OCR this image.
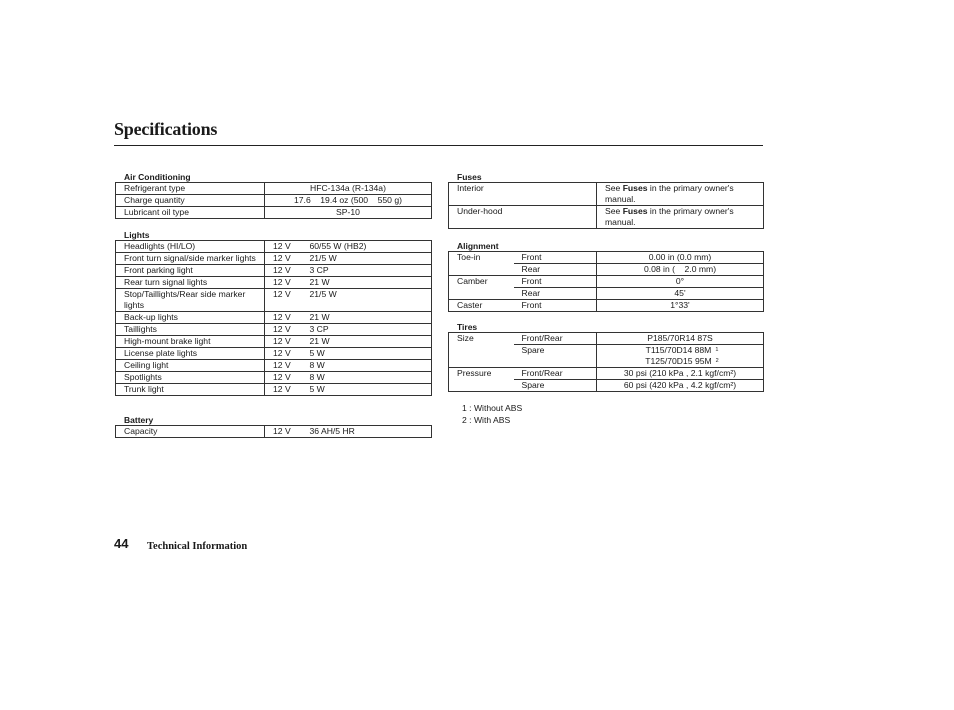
Specifications
Air Conditioning
Refrigerant type	HFC-134a (R-134a)
Charge quantity	17.6    19.4 oz (500    550 g)
Lubricant oil type	SP-10
Lights
Headlights (HI/LO)	12 V	60/55 W (HB2)
Front turn signal/side marker lights	12 V	21/5 W
Front parking light	12 V	3 CP
Rear turn signal lights	12 V	21 W
Stop/Taillights/Rear side marker lights	12 V	21/5 W
Back-up lights	12 V	21 W
Taillights	12 V	3 CP
High-mount brake light	12 V	21 W
License plate lights	12 V	5 W
Ceiling light	12 V	8 W
Spotlights	12 V	8 W
Trunk light	12 V	5 W
Battery
Capacity	12 V	36 AH/5 HR
Fuses
Interior	See Fuses in the primary owner's manual.
Under-hood	See Fuses in the primary owner's manual.
Alignment
Toe-in	Front	0.00 in (0.0 mm)
	Rear	0.08 in (    2.0 mm)
Camber	Front	0°
	Rear	45'
Caster	Front	1°33'
Tires
Size	Front/Rear	P185/70R14 87S
	Spare	T115/70D14 88M $^1$
		T125/70D15 95M $^2$
Pressure	Front/Rear	30 psi (210 kPa , 2.1 kgf/cm²)
	Spare	60 psi (420 kPa , 4.2 kgf/cm²)
1 : Without ABS
2 : With ABS
44 Technical Information
